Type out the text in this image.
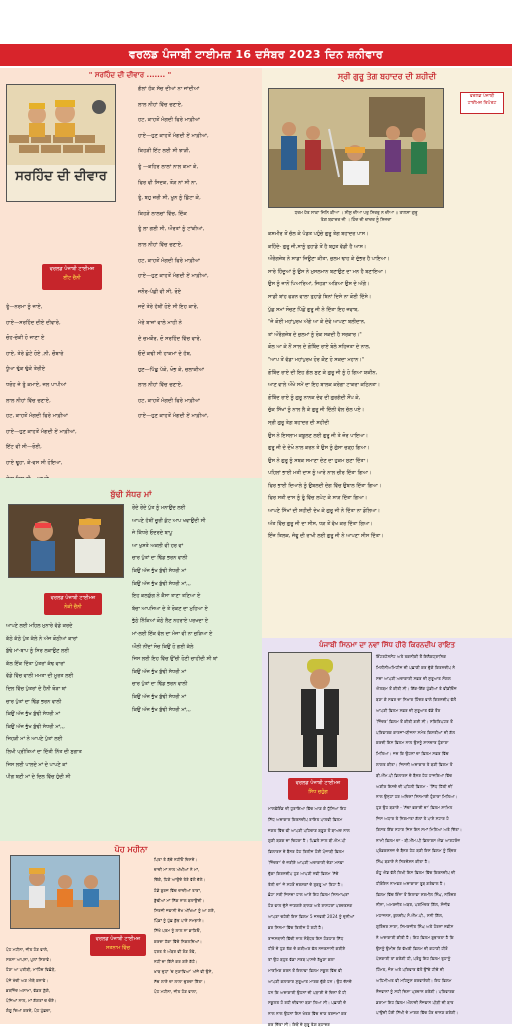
ਵਰਲਡ ਪੰਜਾਬੀ ਟਾਈਮਜ਼ 16 ਦਸੰਬਰ 2023 ਦਿਨ ਸ਼ਨੀਵਾਰ
" ਸਰਹਿੰਦ ਦੀ ਦੀਵਾਰ ....... "
ਸਰਹਿੰਦ ਦੀ ਦੀਵਾਰ
ਵਰਲਡ ਪੰਜਾਬੀ ਟਾਈਮਜ਼
ਈਂਟ ਚੈਨੀ
ਗੱਲਾਂ ਹੱਕ ਸੱਚ ਦੀਆਂ ਨਾ ਜਾਂਦੀਆਂ
ਲਾਲ ਨੀਹਾਂ ਵਿੱਚ ਚਣਾਏ,
ਹਟ, ਕਾਹਤੋਂ ਮੰਗਦੀ ਫਿਰੇ ਮਾਫ਼ੀਆਂ
ਹਾਏ—ਹੁਣ ਕਾਹਤੋਂ ਮੰਗਦੀ ਏਂ ਮਾਫ਼ੀਆਂ,
ਕਿਹੜੀ ਇੱਟ ਲਈ ਸੀ ਝਾੜੀ,
ਤੂੰ —ਕਹਿਰ ਲਾਲਾਂ ਨਾਲ ਕਮਾ ਕੇ,
ਫਿਰ ਵੀ ਸਿਦਕ, ਤੋੜ ਨਾਂ ਸੀ ਨਾ,
ਤੂੰ, ਬਹੁ ਜ਼ਰੀ ਸੀ, ਖੂਨ ਨੂੰ ਛਿੱਟਾ ਕੇ,
ਕਿਹੜੇ ਲਾਲਚਾਂ ਵਿੱਚ, ਦਿੱਕ
ਤੂੰ ਲਾ ਗਈ ਸੀ, ਔਰਤਾਂ ਨੂੰ ਟਾਂਕੀਆਂ,
ਲਾਲ ਨੀਹਾਂ ਵਿੱਚ ਚਣਾਏ,
ਹਟ, ਕਾਹਤੋਂ ਮੰਗਦੀ ਫਿਰੇ ਮਾਫ਼ੀਆਂ
ਹਾਏ—ਹੁਣ ਕਾਹਤੋਂ ਮੰਗਦੀ ਏਂ ਮਾਫ਼ੀਆਂ,
ਜਨੌਰ-ਪੰਛੀ ਵੀ ਸੀ, ਰੋਏ
ਜਦੋਂ ਤੇਰੇ ਹੱਥੀਂ ਹੋਏ ਸੀ ਇਹ ਕਾਰੇ,
ਮੇਰੇ ਬਾਜ਼ਾਂ ਵਾਲੇ ਮਾਹੀ ਨੇ
ਦੇ ਚਮਕੌਰ, ਦੋ ਸਰਹਿੰਦ ਵਿੱਚ ਵਾਰੇ,
ਓਦੋਂ ਕਢੀ ਸੀ ਹਾਕਮਾਂ ਦੇ ਹੱਥ,
ਹੁਣ—ਪਿੱਛੁ ਪੱਕੇ, ਖੋਭ ਕੇ, ਚਲਾਕੀਆਂ
ਲਾਲ ਨੀਹਾਂ ਵਿੱਚ ਚਣਾਏ,
ਹਟ, ਕਾਹਤੋਂ ਮੰਗਦੀ ਫਿਰੇ ਮਾਫ਼ੀਆਂ
ਹਾਏ—ਹੁਣ ਕਾਹਤੋਂ ਮੰਗਦੀ ਏਂ ਮਾਫ਼ੀਆਂ,
ਤੂੰ—ਨਰਮਾ ਨੂੰ ਜਾਏ,
ਹਾਏ—ਸਰਹਿੰਦ ਦੀਏ ਦੀਵਾਰੇ,
ਚੋਹ-ਚੋਕੀ ਹੋ ਜਾਣਾ ਏ
ਹਾਏ, ਤੇਰੇ ਛੋਟੇ ਹੋਏ ,ਨੀ, ਚੌਥਾਰੇ
ਧੂੰਆ ਢੁੱਕ ਢੁੱਕੇ ਤੇਰੀਏ
ਧਰੋਹ ਜੇ ਤੂੰ ਕਮਾਏ, ਜਲ ਪਾਪੀਆਂ
ਲਾਲ ਨੀਹਾਂ ਵਿੱਚ ਚਣਾਏ,
ਹਟ, ਕਾਹਤੋਂ ਮੰਗਦੀ ਫਿਰੇ ਮਾਫ਼ੀਆਂ
ਹਾਏ—ਹੁਣ ਕਾਹਤੋਂ ਮੰਗਦੀ ਏਂ ਮਾਫ਼ੀਆਂ,
ਇੱਟ ਵੀ ਸੀ—ਰੋਈ,
ਹਾਏ ਢੂਹਾ, ਕੇ-ਵਸ ਸੀ ਹੋਇਆ,
ਸ੍ਰੀ ਗੁਰੂ ਤੇਗ ਬਹਾਦਰ ਦੀ ਸ਼ਹੀਦੀ
ਵਰਲਡ ਪੰਜਾਬੀ
ਟਾਈਮਜ਼ ਰਿਪੋਰਟ
ਧਰਮ ਹੇਤ ਸਾਕਾ ਜਿਨਿ ਕੀਆ । ਸੀਸੁ ਦੀਆ ਪਰੁ ਸਿਰਰੁ ਨ ਦੀਆ ॥ ਤਾਲਸਾ ਗੁਰੂ
ਤੇਗ਼ ਬਹਾਦਰ ਜੀ । ਹਿੰਦ ਦੀ ਚਾਦਰ ਨੂੰ ਸਿਜਦਾ
ਕਸ਼ਮੀਰ ਤੋਂ ਚੱਲ ਕੇ ਪੰਡਤ ਪਹੁੰਚੇ ਗੁਰੂ ਤੇਗ ਬਹਾਦਰ ਪਾਸ।
ਕਹਿੰਦੇ- ਗੁਰੂ ਜੀ,ਸਾਨੂੰ ਤੁਹਾਡੇ ਤੋਂ ਹੈ ਬਹੁਤ ਵੱਡੀ ਹੈ ਆਸ।
ਔਰੰਗਜ਼ੇਬ ਨੇ ਸਾਡਾ ਜਿਊਣਾ ਕੀਤਾ, ਜ਼ੁਲਮ ਢਾਹ ਕੇ ਦੁੱਭਰ ਹੈ ਪਾਇਆ।
ਸਾਰੇ ਹਿੰਦੂਆਂ ਨੂੰ ਉਸ ਨੇ ਮੁਸਲਮਾਨ ਬਣਾਉਣ ਦਾ ਮਨ ਹੈ ਬਣਾਇਆ।
ਉਸ ਨੂੰ ਜਾਨੋਂ ਪਿਆਰਿਆਂ, ਜਿਹੜਾ ਅੜਿਆ ਉਸ ਦੇ ਅੱਗੇ।
ਸਾਡੀ ਬਾਂਹ ਫੜਨ ਵਾਲਾ ਤੁਹਾਡੇ ਬਿਨਾਂ ਦਿਸੇ ਨਾ ਕੋਈ ਦਿੱਸੇ।
ਪੁੱਛ ਸਮਾਂ ਸੋਚਣ ਪਿੱਛੋਂ ਗੁਰੂ ਜੀ ਨੇ ਦਿੱਤਾ ਇਹ ਜਵਾਬ,
"ਜੇ ਕੋਈ ਮਹਾਂਪੁਰਖ ਅੱਗੇ ਆ ਕੇ ਦੇਵੇ ਆਪਣਾ ਬਲੀਦਾਨ,
ਤਾਂ ਔਰੰਗਜ਼ੇਬ ਦੇ ਜ਼ੁਲਮਾਂ ਨੂੰ ਰੋਕ ਸਕਦੀ ਹੈ ਸਰਕਾਰ।"
ਕੋਲ ਆ ਕੇ ਨੌਂ ਸਾਲ ਦੇ ਗੋਬਿੰਦ ਰਾਏ ਬੋਲੇ ਸਹਿਜਤਾ ਦੇ ਨਾਲ,
"ਆਪ ਤੋਂ ਵੱਡਾ ਮਹਾਂਪੁਰਖ ਹੋਰ ਕੌਣ ਹੋ ਸਕਦਾ ਮਹਾਨ।"
ਗੋਬਿੰਦ ਰਾਏ ਦੀ ਇਹ ਗੱਲ ਸੁਣ ਕੇ ਗੁਰੂ ਜੀ ਨੂੰ ਹੋ ਗਿਆ ਯਕੀਨ,
ਆਣ ਵਾਲੇ ਔਖੇ ਸਮੇਂ ਦਾ ਇਹ ਬਾਲਕ ਕਰੇਗਾ ਟਾਕਰਾ ਕਠਿਨਤਾ।
ਗੋਬਿੰਦ ਰਾਏ ਨੂੰ ਗੁਰੂ ਨਾਨਕ ਦੇਵ ਦੀ ਗੁਰਗੱਦੀ ਸੌਂਪ ਕੇ,
ਚੁੱਕ ਸਿੱਖਾਂ ਨੂੰ ਨਾਲ ਲੈ ਕੇ ਗੁਰੂ ਜੀ ਦਿੱਲੀ ਵੱਲ ਚੱਲ ਪਏ।
ਸ੍ਰੀ ਗੁਰੂ ਤੇਗ਼ ਬਹਾਦਰ ਦੀ ਸ਼ਹੀਦੀ
ਉਸ ਨੇ ਇਸਲਾਮ ਕਬੂਲਣ ਲਈ ਗੁਰੂ ਜੀ ਤੇ ਜ਼ੋਰ ਪਾਇਆ।
ਗੁਰੂ ਜੀ ਦੇ ਦੇਖੋ ਨਾਲ ਕਰਨ ਤੇ ਉਸ ਨੂੰ ਗੁੱਸਾ ਚੜ੍ਹ ਗਿਆ।
ਉਸ ਨੇ ਗੁਰੂ ਨੂੰ ਸਬਕ ਸਮਾਣਾ ਦੇਣ ਦਾ ਹੁਕਮ ਸੁਣਾ ਦਿੱਤਾ।
ਪਹਿਲਾਂ ਭਾਈ ਮਤੀ ਦਾਸ ਨੂੰ ਆਰੇ ਨਾਲ ਚੀਰ ਦਿੱਤਾ ਗਿਆ।
ਫਿਰ ਭਾਈ ਦਿਆਲੇ ਨੂੰ ਉਬਲਦੀ ਦੇਗ ਵਿੱਚ ਉਬਾਲ ਦਿੱਤਾ ਗਿਆ।
ਫਿਰ ਸਤੀ ਦਾਸ ਨੂੰ ਰੂੰ ਵਿੱਚ ਲਪੇਟ ਕੇ ਸਾੜ ਦਿੱਤਾ ਗਿਆ।
ਆਪਣੇ ਸਿੱਖਾਂ ਦੀ ਸ਼ਹੀਦੀ ਦੇਖ ਕੇ ਗੁਰੂ ਜੀ ਨੇ ਦਿੱਤਾ ਨਾ ਡੋਲਿਆ।
ਅੰਤ ਵਿੱਚ ਗੁਰੂ ਜੀ ਦਾ ਸੀਸ, ਧੜ ਤੋਂ ਵੱਖ ਕਰ ਦਿੱਤਾ ਗਿਆ।
ਇੰਜ ਤਿਲਕ, ਜੰਞੂ ਦੀ ਰਾਖੀ ਲਈ ਗੁਰੂ ਜੀ ਨੇ ਆਪਣਾ ਸੀਸ ਦਿੱਤਾ।
ਬੁੱਢੀ ਸੱਧਰ ਮਾਂ
ਵਰਲਡ ਪੰਜਾਬੀ ਟਾਈਮਜ਼
ਨੇਕੀ ਚੈਨੀ
ਰੋਂਦੇ ਰੋਂਦੇ ਪੁੱਤ ਨੂੰ ਮਨਾਉਂਦ ਲਈ
ਆਪਣੇ ਹੱਥੀਂ ਚੂਰੀ ਕੁੱਟ ਆਪ ਖਵਾਉਂਦੀ ਸੀ
ਜੇ ਕਿੱਧਰੇ ਓਦਰਦੇ ਬਾਪੂ
ਆ ਖੁਸ਼ਤੇ ਅਕਲੀ ਵੀ ਹਰ ਵਾਂ
ਚਾਰ ਪੁੱਤਾਂ ਦਾ ਢਿੱਡ ਭਰਨ ਵਾਲੀ
ਕਿਉਂ ਅੱਜ ਭੁੱਖ ਬੁੱਢੀ ਸੱਧਰੀ ਮਾਂ
ਕਿਉਂ ਅੱਜ ਭੁੱਖ ਬੁੱਢੀ ਸੱਧਰੀ ਮਾਂ,,,
ਇਹ ਕਲਯੁੱਗ ਨੇ ਕੈਸਾ ਤਾਣਾ ਤਣਿਆ ਏ
ਬੱਚਾ ਆਪਜਿਆ ਦੇ ਤੇ ਰੋਕਣ ਦਾ ਮੁਹਿਆ ਏ
ਭੁੱਠੇ ਨਿੱਕਿਆਂ ਕੋਠੇ ਲੈਣ ਨਹਰਾਏ ਪਰਖਦਾ ਏ
ਮਾਂ-ਲਈ ਇੱਕ ਵੱਲ ਦਾ ਮੰਜਾ ਵੀ ਨਾ ਜੁੜਿਆ ਏ
ਔਲੀ ਨੀਂਦਾਂ ਸੋਚ ਕਿਉਂ ਹੋ ਗਈ ਕੱਲੇ
ਜਿਸ ਲਈ ਇਹ ਵਿੱਚ ਉੱਚੀ ਹੋਣੀ ਚਾਹੀਦੀ ਸੀ ਥਾਂ
ਕਿਉਂ ਅੱਜ ਭੁੱਖ ਬੁੱਢੀ ਸੱਧਰੀ ਮਾਂ
ਚਾਰ ਪੁੱਤਾਂ ਦਾ ਢਿੱਡ ਭਰਨ ਵਾਲੀ
ਕਿਉਂ ਅੱਜ ਭੁੱਖ ਬੁੱਢੀ ਸੱਧਰੀ ਮਾਂ
ਕਿਉਂ ਅੱਜ ਭੁੱਖ ਬੁੱਢੀ ਸੱਧਰੀ ਮਾਂ,,,
ਆਪਣੇ ਲਈ ਮਹਿਲ ਮੁਨਾਰੇ ਵੱਡੇ ਕਰਦੇ
ਕੱਠੇ ਕੱਠੇ ਪੁੱਤ ਕੱਲੇ ਨੇ ਅੱਜ ਕੋਠੀਆਂ ਕਾਰਾਂ
ਬੁੱਢੇ ਮਾਂ-ਬਾਪ ਨੂੰ ਸਿਰ ਲਕਾਉਣ ਲਈ
ਕੱਲ ਇੱਕ ਦਿੱਤਾ ਪੁੱਤਰਾਂ ਕੱਢ ਵਾਰਾਂ
ਵੱਡੇ ਵਿੱਚ ਵਾਲੀ ਮਮਤਾ ਦੀ ਮੂਰਤ ਲਈ
ਦਿਲ ਵਿੱਚ ਪੁੱਤਰਾਂ ਦੇ ਹੈਨੀ ਥੋੜਾ ਥਾਂ
ਚਾਰ ਪੁੱਤਾਂ ਦਾ ਢਿੱਡ ਭਰਨ ਵਾਲੀ
ਕਿਉਂ ਅੱਜ ਭੁੱਖ ਬੁੱਢੀ ਸੱਧਰੀ ਮਾਂ
ਕਿਉਂ ਅੱਜ ਭੁੱਖ ਬੁੱਢੀ ਸੱਧਰੀ ਮਾਂ,,,
ਜਿਹੜੀ ਮਾਂ ਨੇ ਆਪਣੇ ਪੁੱਤਾਂ ਲਈ
ਲਿਖੀ ਪ੍ਰੀਤਿਆਂ ਦਾ ਦਿੱਤੀ ਨਿੱਤ ਦੀ ਸੁਗਾਤ
ਜਿਸ ਲਈ ਪਾਲਦੇ ਮਾਂ ਦੇ ਪਾਪਣੇ ਕਾਂ
ਪੀਗ ਬਣੀ ਮਾਂ ਦੇ ਦਿਲ ਵਿੱਚ ਹੁੰਦੀ ਸੀ
ਪੋਹ ਮਹੀਨਾ
ਵਰਲਡ ਪੰਜਾਬੀ ਟਾਈਮਜ਼
ਸਤਨਾਮ ਵਿੱਚ
ਪਿਤਾ ਤੇ ਬੱਚੇ ਨਹੀਓਂ ਦਿਸਦੇ।
ਦਾਦੀ ਮਾਂ ਨਾਲ ਅੱਖੀਆਂ ਨੇ ਮਾਂ,
ਚਿੱਕੇ, ਹਿਕੇ ਆਉਂਦੇ ਤੇਰੇ ਵੱਲੋਂ ਚੱਲੇ।
ਠੰਡੇ ਬੁਰਜ ਵਿੱਚ ਦਾਦੀਆਂ ਤਾਰਾਂ,
ਬੁੱਢੀਆਂ ਮਾਂ ਨਿੱਕ ਨਾਲ ਬਲਾਉਂਦੀ।
ਸਿਰਜੀ ਜਵਾਨੀ ਦੇਖ ਅੱਖਿਆਂ ਨੂੰ ਆ ਗਏ,
ਪਿੰਡਾਂ ਨੂੰ ਪੁੱਛ ਕੁੱਝ ਪਾਏ ਸਮਝਾਏ।
ਸਿੱਖੇ ਪਰਮ ਨੂੰ ਲਾਲ ਨਾ ਭਾਣਿਓ,
ਕਰਦਾ ਹੱਕਾ ਵਿੱਚੇ ਨਿਕਲਦਿਆਂ।
ਧਰਤ ਤੇ ਅੰਬਰ ਵੀ ਰੋਣ ਰੋਵੇ,
ਨਹੀਂ ਦਾ ਕਿੱਸੇ ਕਰ ਗਏ ਕੱਠੇ।
ਖ਼ਾਬ ਦੁਧਾਂ 'ਚ ਸੁਣਾਵਿਆ' ਅੱਜੇ ਵੀ ਉਸੇ,
ਸੱਚ ਲਾਏ ਦਾ ਲਾਲਾ ਚੁਰਦਾ ਰਿੱਤਾ।
ਪੋਹ ਮਹੀਨਾ, ਜੀਤ ਹੋਣ ਵਾਲਾ,
ਪੋਹ ਮਹੀਨਾ, ਜੀਤ ਹੋਣ ਵਾਲੇ,
ਸਰਸਾ ਆਪਨਾ, ਪੁਲਾਂ ਸਿਰਾਵੇ।
ਹੋਣਾ ਆ ਪਤੀਬੀ, ਮਾਹਿੰਦ ਵਿਛੋੜੇ,
ਪੰਜੇ ਖੱਚੀ ਅਣ ਐਥੇ ਕਨਾਵੇ।
ਭਰਜਿੰਦ ਅਸਾਮਾ, ਵੱਡਰ ਯੁੱਗੇ,
ਪੰਜਿਆਂ ਨਾਲ, ਮਾਂ ਗੱਗਰਾਂ ਚ ਚੋਏ।
ਗੰਗੂ ਦਿਆਂ ਕਰਦੇ, ਪੋਹ ਪੁੱਛਦਾ,
ਪੰਜਾਬੀ ਸਿਨਮਾ ਦਾ ਨਵਾਂ ਸਿੱਧ ਹੀਰੋ ਕਿਰਨਦੀਪ ਰਾਇਤ
ਵਰਲਡ ਪੰਜਾਬੀ ਟਾਈਮਜ਼
ਸਿੱਧ ਚਹੁੰਗ
ਇੰਟਰਟੇਨਮੈਂਟ ਅਤੇ ਤਕਨੀਕੀ ਤੌਂ ਇਲੈਕਟ੍ਰਾਨਿਕ
ਮਿਲੀਨੀਅਮਿਟੀਜ਼ ਦੀ ਪਛਾਣੀ ਕਰ ਚੁੱਕੇ ਕਿਰਨਦੀਪ ਨੇ
ਸਦਾ ਆਪਣੀ ਅਦਾਕਾਰੀ ਸਫ਼ਰ ਦੀ ਸ਼ੁਰੂਆਤ ਸੰਗਲ
ਐਲਬਮ ਤੋਂ ਕੀਤੀ ਸੀ। ਇੱਕ-ਇੱਕ ਪੁੱਡੀਆਂ ਤੇ ਵੀਡੀਓਜ਼
ਬਣਾ ਕੇ ਸਫ਼ਰ ਦਾ ਨਿਖਾਰ ਹਿੰਦਰ ਵਾਲੇ ਕਿਰਨਦੀਪ ਵੱਲੋਂ
ਆਪਣੀ ਫ਼ਿਲਮ ਸਫ਼ਰ ਦੀ ਸ਼ੁਰੂਆਤ ਵੱਡੇ ਤੌਰ
'ਜਿੰਦਰ' ਫ਼ਿਲਮ ਤੋਂ ਕੀਤੀ ਗਈ ਸੀ। ਸਕਿਰਿਪਟਰ ਤੋਂ
ਪਰਿਵਾਰਕ ਕਾਰਜਾਂ-ਯੀਜਨਾ ਸਮੇਤ ਕਿਸ਼ਤੀਆਂ ਦੀ ਗੱਲ
ਕਰਦੀ ਇਸ ਫ਼ਿਲਮ ਨਾਲ ਉਸਨੂੰ ਸ਼ਾਨਦਾਰ ਹੁੰਗਾਰਾ
ਮਿਲਿਆ। ਜਦ ਕਿ ਉਹਨਾਂ ਦਾ ਫ਼ਿਲਮ ਸਫ਼ਰ ਵਿੱਚ
ਲਾਗਤ ਕੀਤਾ। ਜਿਸਨੀ ਅਦਾਕਾਰ ਤੇ ਬਣੀ ਫ਼ਿਲਮ ਤੋਂ
ਬੀ.ਐੱਮ.ਪੀ ਡਿਲਾਰਸ ਦੇ ਬੈਨਰ ਹੇਠ ਹਾਜ਼ਰਿਆਂ ਵਿੱਚ
ਅਗੀਰ ਇਸਦੇ ਦੀ ਪਹਿਲੀ ਫ਼ਿਲਮ - 'ਸਿੱਧ ਹਿੱਤੀ ਦੀ'
ਨਾਲ ਉਨ੍ਹਾਂ ਹਰ ਅਦਿਸ਼ਾਂ ਸਿਨਮਾਈ ਹੁੰਗਾਰਾ ਮਿਲਿਆ।
ਹੁਣ ਉਹ ਬਣਾਏ - 'ਸੱਚਾ ਭਰਾਈ ਦਾ' ਫ਼ਿਲਮ ਸ਼ਾਮਿਲ
ਜਿਸ ਅਧਾਰ ਤੇ ਨਿਰਮਾਤਾ ਗੱਲਾਂ ਤੇ ਪਾਏ ਸਟਾਰ ਹੋ
ਗਿਸਤ ਇੱਕ ਸਟਾਰ ਜਿਸ ਇਨ ਸਮਾਂ ਮਿਲਿਆ ਅਤੇ ਦਿੱਤਾ।
ਨਾਮੀ ਫ਼ਿਲਮ ਦਾ - ਬੀ.ਐੱਮ.ਪੀ ਡਿਲਾਰਸ ਐਂਡ ਆਰਟਰੰਜ਼
ਪ੍ਰੋਡਕਸ਼ਨਜ਼ ਦੇ ਬੈਨਰ ਹੇਠ ਬਣੀ ਇਸ ਫ਼ਿਲਮ ਨੂੰ ਬਿੰਦਰ
ਸਿੰਘ ਬਣਾਏ ਨੇ ਨਿਰਦੇਸ਼ਨ ਕੀਤਾ ਹੈ।
ਕੋਟੂ ਐਂਡ ਵੱਲੋਂ ਲਿਖੀ ਇਸ ਫ਼ਿਲਮ ਵਿੱਚ ਕਿਰਨਦੀਪ ਦੀ
ਹੀਰੋਇਨ ਨਾਮਵਰ ਅਦਾਕਾਰਾ ਰੂਬ ਗਰੇਵਾਲ ਹੈ।
ਫ਼ਿਲਮ ਵਿੱਚ ਇੰਨਾ ਤੋਂ ਇਲਾਵਾ ਸ਼ਰਮੀਲ ਸਿੰਘ, ਨਰਿੰਦਰ
ਨੀਨਾ, ਅਮਰਜ਼ੀਤ ਅਬਰ, ਪਰਮਿੰਦਰ ਗਿੱਲ, ਸੰਜੀਵ
ਮਹਾਜਨਸ, ਕੁਲਦੀਪ ਸੋ.ਐੱਮ.ਪੀ., ਸਨੀ ਗਿੱਲ,
ਗੁਰਿੰਦਰ ਸਾਰਾ, ਸਿਮਰਜੀਤ ਸਿੰਘ ਅਤੇ ਹੋਰਨਾਂ ਨਵੀਸ
ਨੇ ਅਦਾਕਾਰੀ ਕੀਤੀ ਹੈ। ਇਹ ਫ਼ਿਲਮ ਬੁਝਾਰਤਾ ਹੈ ਕਿ
ਉਸਨੂੰ ਉਮੀਦ ਕਿ ਵੱਖਰੀ ਫ਼ਿਲਮ ਦੀ ਕਹਾਣੀ ਹੀਰੋ
ਪੇਸ਼ਕਾਰੀ ਤਾਂ ਕਰੇਗੀ ਹੀ, ਪਰੰਤੂ ਇਹ ਫ਼ਿਲਮ ਤੁਹਾਨੂੰ
ਹਿੰਮਤ, ਜੋਸ਼ ਅਤੇ ਪਰਿਵਾਰ ਵੱਲੋਂ ਉੱਚੇ ਟੀਚੇ ਦੀ
ਅਹਿਮੀਅਤ ਵੀ ਮਹਿਸੂਸ ਕਰਵਾਏਗੀ। ਇਹ ਫ਼ਿਲਮ
ਨੌਜਵਾਨਾਂ ਨੂੰ ਸਹੀ ਦਿਸ਼ਾ ਪ੍ਰਦਾਨ ਕਰੇਗੀ। ਪਰਿਵਾਰਕ
ਡਰਾਮਾ ਇਹ ਫ਼ਿਲਮ ਔਲਾਦੀ ਨੌਜਵਾਨ ਪੀੜੀ ਦੀ ਬਾਤ
ਪਾਉਂਦੀ ਹੋਈ ਸਿੱਖੀ ਦੇ ਮਾਰਗ ਵਿੱਚ ਹੋਰ ਚਾਨਣ ਕਰੇਗੀ।
ਮਾਲਵੇਇੰਡ ਦੀ ਧੁਰਾਇਆ ਵਿੱਚ ਆਣ ਕੇ ਧੁੱਸਿਆ ਇਹ
ਸਿੱਧ ਅਦਾਕਾਰ ਕਿਰਨਦੀਪ ਰਾਇਤ ਪਾਲਵੀ ਫ਼ਿਲਮ
ਜਗਤ ਵਿੱਚ ਵੀ ਆਪਣੀ ਪਹਿਚਾਣ ਬਣੂਣ ਤੋਂ ਬਾਅਦ ਨਾਲ
ਗੁਣੀ ਬਣਕ ਦਾ ਚਿਹਰਾ ਹੈ। ਪਿਛਲੇ ਸਾਲ ਬੀ.ਐਮ.ਪੀ
ਡਿਲਾਰਸ ਦੇ ਬੈਨਰ ਹੇਠ ਰਿਲੀਜ਼ ਹੋਈ ਪੰਜਾਬੀ ਫ਼ਿਲਮ
'ਜਿੰਦਰਾ' ਦੇ ਜ਼ਰੀਏ ਆਪਣੀ ਅਦਾਕਾਰੀ ਦੇਣਾ ਮਨਵਾ
ਚੁੱਕਾ ਕਿਰਨਦੀਪ ਹੁਣ ਆਪਣੀ ਨਵੀਂ ਫ਼ਿਲਮ 'ਸੱਚੇ
ਤੇਲੀ ਦਾ' ਜੇ ਸਹਰੋਂ ਦਰਸ਼ਕਾਂ ਦੇ ਰੁਬਰੂ ਆ ਰਿਹਾ ਹੈ।
ਛੋਟਾ ਸਰੀ ਜਿਸਦਾ ਹਾਲ ਆਏ ਇਹ ਫ਼ਿਲਮ ਸਿਨਮਾਘਰਾਂ
ਹੋਣ ਵਾਲ ਦੁੱਸੇ ਜਾਣਗਏ ਬਾਲਣ ਅਤੇ ਰਾਸ਼ਟਰਾਂ ਪਰਦਰਸ਼ਕ
ਆਪਣਾ ਚਹੇਰੀ ਇਸ ਫ਼ਿਲਮ 5 ਜਨਵਰੀ 2024 ਨੂੰ ਦੁਨੀਆਂ
ਭਰ ਸਿਨਮਾ ਵਿੱਚ ਰਿਲੀਜ਼ ਹੋ ਰਹੀ ਹੈ।
ਰਾਜਸਥਾਨੀ ਵਿੱਚੀ ਨਾਲ ਸੰਬੰਧਤ ਇਸ ਹੋਣਹਾਰ ਸਿੱਧ
ਹੀਰੋ ਦੇ ਹੁਣ ਤੱਕ ਦੇ ਕਰੀਅਰ ਵੱਲ ਨਜ਼ਰਸਾਨੀ ਕਰੀਏ
ਤਾਂ ਉਹ ਬਹੁਤ ਵੱਡਾ ਸਰਬ ਪਾਸਦੇ ਰੱਖੂਣਾ ਕਲਾ
ਮਾਰਮਿਕ ਕਰਨ ਤੋਂ ਇਲਾਵਾ ਫ਼ਿਲਮ ਸਕੂਲ ਵਿੱਚ ਵੀ
ਆਪਣੀ ਕਲਾਕਾਰ ਸ਼ੁਰੂਆਤ ਮਾਰਕ ਚੁੱਕੇ ਹਨ। ਉਹ ਦੱਸਦੇ
ਹਨ ਕਿ ਅਦਾਕਾਰੀ ਉਹਨਾਂ ਦੀ ਪੜਾਈ ਦੇ ਦਿਨਾਂ ਤੋਂ ਹੀ
ਸਕੂਲਤ ਹੋ ਰਹੀ ਦੀਵਾਨਾ ਬਣਾ ਲਿਆ ਸੀ। ਪਛਾਣੀ ਦੇ
ਨਾਲ ਨਾਲ ਉਹਨਾਂ ਇਸ ਖੇਤਰ ਵਿੱਚ ਦਾਣ ਤਰਜਮਾਂ ਕਰ
ਕਰ ਦਿੱਤਾ ਸੀ। ਇਥੋਂ ਦੇ ਗੁਰੂ ਤੇਗ਼ ਬਹਾਦਰ
